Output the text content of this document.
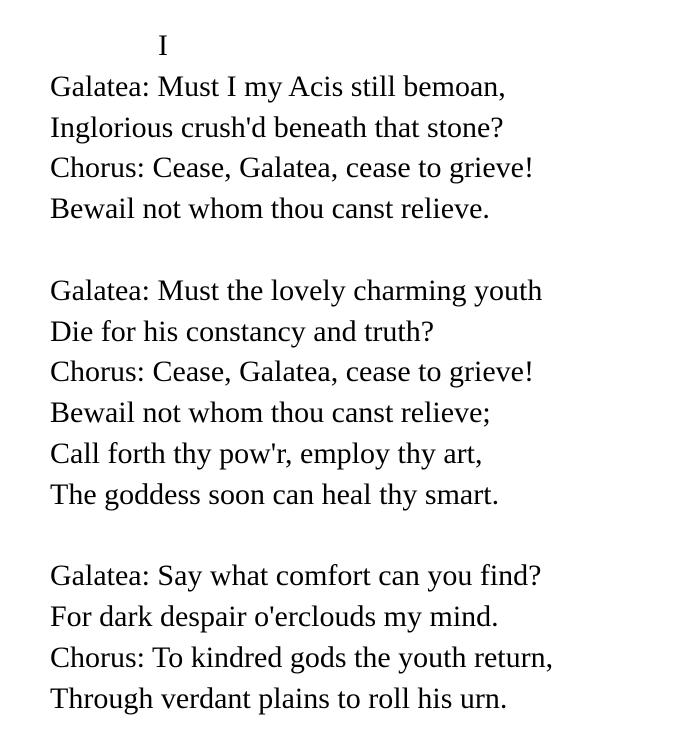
I
Galatea: Must I my Acis still bemoan,
Inglorious crush'd beneath that stone?
Chorus: Cease, Galatea, cease to grieve!
Bewail not whom thou canst relieve.
Galatea: Must the lovely charming youth
Die for his constancy and truth?
Chorus: Cease, Galatea, cease to grieve!
Bewail not whom thou canst relieve;
Call forth thy pow'r, employ thy art,
The goddess soon can heal thy smart.
Galatea: Say what comfort can you find?
For dark despair o'erclouds my mind.
Chorus: To kindred gods the youth return,
Through verdant plains to roll his urn.
